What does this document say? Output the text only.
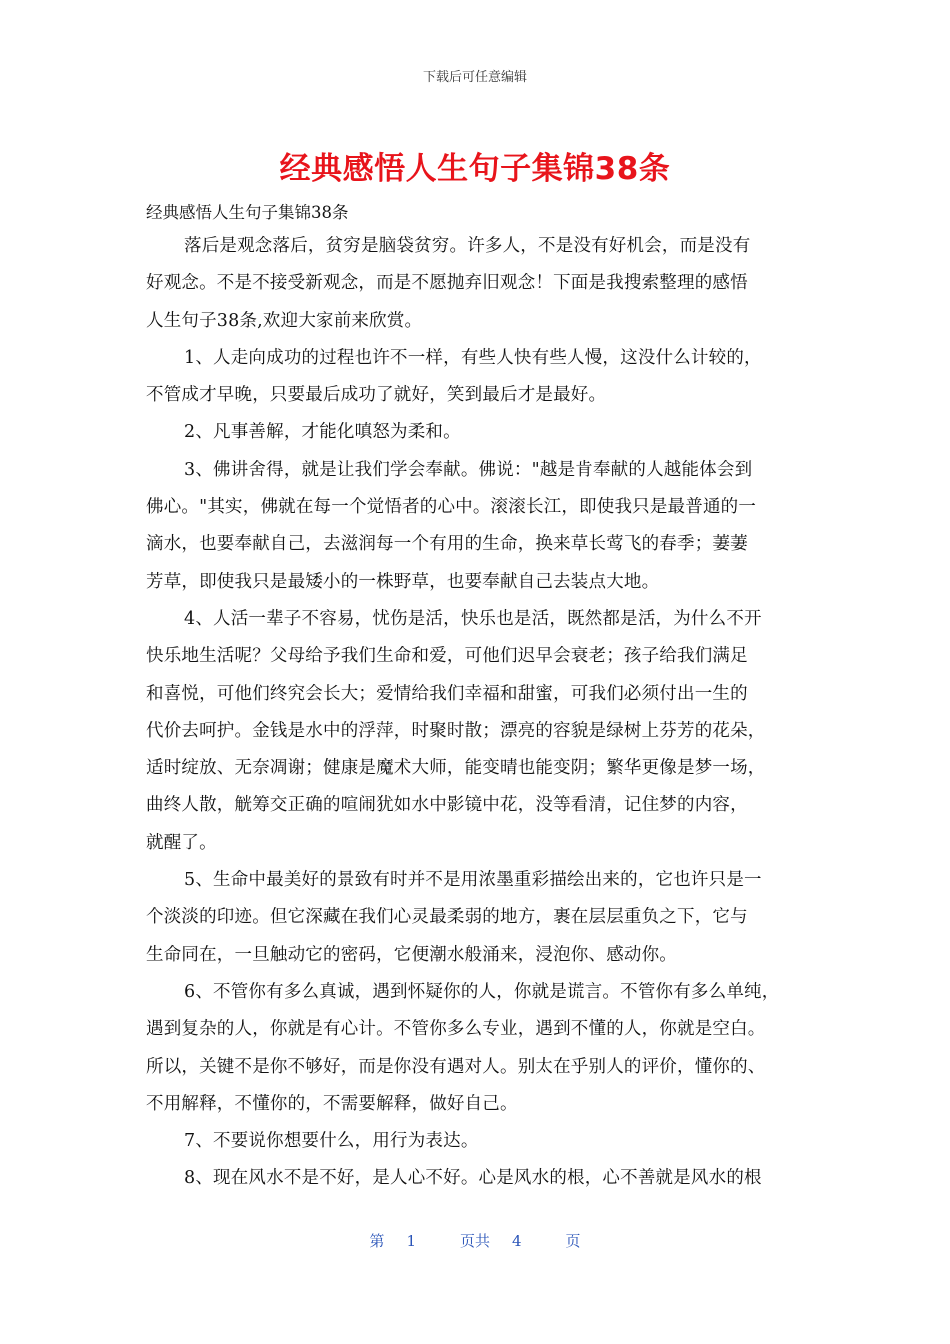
下载后可任意编辑
经典感悟人生句子集锦38条
经典感悟人生句子集锦38条
落后是观念落后，贫穷是脑袋贫穷。许多人，不是没有好机会，而是没有
好观念。不是不接受新观念，而是不愿抛弃旧观念！下面是我搜索整理的感悟
人生句子38条,欢迎大家前来欣赏。
1、人走向成功的过程也许不一样，有些人快有些人慢，这没什么计较的，
不管成才早晚，只要最后成功了就好，笑到最后才是最好。
2、凡事善解，才能化嗔怒为柔和。
3、佛讲舍得，就是让我们学会奉献。佛说："越是肯奉献的人越能体会到
佛心。"其实，佛就在每一个觉悟者的心中。滚滚长江，即使我只是最普通的一
滴水，也要奉献自己，去滋润每一个有用的生命，换来草长莺飞的春季；萋萋
芳草，即使我只是最矮小的一株野草，也要奉献自己去装点大地。
4、人活一辈子不容易，忧伤是活，快乐也是活，既然都是活，为什么不开
快乐地生活呢？父母给予我们生命和爱，可他们迟早会衰老；孩子给我们满足
和喜悦，可他们终究会长大；爱情给我们幸福和甜蜜，可我们必须付出一生的
代价去呵护。金钱是水中的浮萍，时聚时散；漂亮的容貌是绿树上芬芳的花朵，
适时绽放、无奈凋谢；健康是魔术大师，能变晴也能变阴；繁华更像是梦一场，
曲终人散，觥筹交正确的喧闹犹如水中影镜中花，没等看清，记住梦的内容，
就醒了。
5、生命中最美好的景致有时并不是用浓墨重彩描绘出来的，它也许只是一
个淡淡的印迹。但它深藏在我们心灵最柔弱的地方，裹在层层重负之下，它与
生命同在，一旦触动它的密码，它便潮水般涌来，浸泡你、感动你。
6、不管你有多么真诚，遇到怀疑你的人，你就是谎言。不管你有多么单纯，
遇到复杂的人，你就是有心计。不管你多么专业，遇到不懂的人，你就是空白。
所以，关键不是你不够好，而是你没有遇对人。别太在乎别人的评价，懂你的、
不用解释，不懂你的，不需要解释，做好自己。
7、不要说你想要什么，用行为表达。
8、现在风水不是不好，是人心不好。心是风水的根，心不善就是风水的根
第 1	页共 4	页
